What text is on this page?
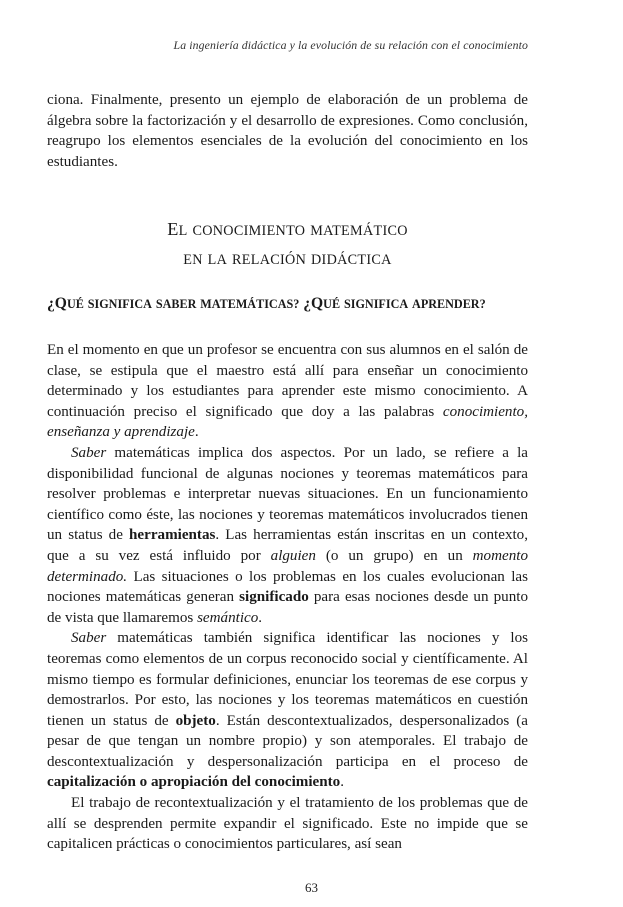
La ingeniería didáctica y la evolución de su relación con el conocimiento

ciona. Finalmente, presento un ejemplo de elaboración de un problema de álgebra sobre la factorización y el desarrollo de expresiones. Como conclusión, reagrupo los elementos esenciales de la evolución del conocimiento en los estudiantes.

EL CONOCIMIENTO MATEMÁTICO
EN LA RELACIÓN DIDÁCTICA
¿QUÉ SIGNIFICA SABER MATEMÁTICAS? ¿QUÉ SIGNIFICA APRENDER?

En el momento en que un profesor se encuentra con sus alumnos en el salón de clase, se estipula que el maestro está allí para enseñar un conocimiento determinado y los estudiantes para aprender este mismo conocimiento. A continuación preciso el significado que doy a las palabras conocimiento, enseñanza y aprendizaje.

Saber matemáticas implica dos aspectos. Por un lado, se refiere a la disponibilidad funcional de algunas nociones y teoremas matemáticos para resolver problemas e interpretar nuevas situaciones. En un funcionamiento científico como éste, las nociones y teoremas matemáticos involucrados tienen un status de herramientas. Las herramientas están inscritas en un contexto, que a su vez está influido por alguien (o un grupo) en un momento determinado. Las situaciones o los problemas en los cuales evolucionan las nociones matemáticas generan significado para esas nociones desde un punto de vista que llamaremos semántico.

Saber matemáticas también significa identificar las nociones y los teoremas como elementos de un corpus reconocido social y científicamente. Al mismo tiempo es formular definiciones, enunciar los teoremas de ese corpus y demostrarlos. Por esto, las nociones y los teoremas matemáticos en cuestión tienen un status de objeto. Están descontextualizados, despersonalizados (a pesar de que tengan un nombre propio) y son atemporales. El trabajo de descontextualización y despersonalización participa en el proceso de capitalización o apropiación del conocimiento.

El trabajo de recontextualización y el tratamiento de los problemas que de allí se desprenden permite expandir el significado. Este no impide que se capitalicen prácticas o conocimientos particulares, así sean

63
